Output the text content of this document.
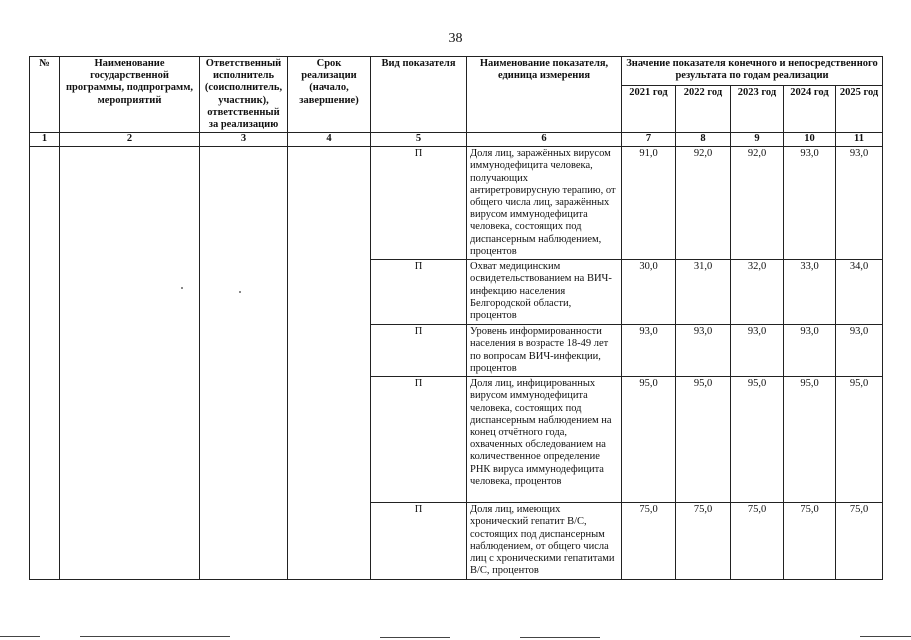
38
№	Наименование государственной программы, подпрограмм, мероприятий	Ответственный исполнитель (соисполнитель, участник), ответственный за реализацию	Срок реализации (начало, завершение)	Вид показателя	Наименование показателя, единица измерения	Значение показателя конечного и непосредственного результата по годам реализации				
						2021 год	2022 год	2023 год	2024 год	2025 год
1	2	3	4	5	6	7	8	9	10	11
				П	Доля лиц, заражённых вирусом иммунодефицита человека, получающих антиретровирусную терапию, от общего числа лиц, заражённых вирусом иммунодефицита человека, состоящих под диспансерным наблюдением, процентов	91,0	92,0	92,0	93,0	93,0
				П	Охват медицинским освидетельствованием на ВИЧ-инфекцию населения Белгородской области, процентов	30,0	31,0	32,0	33,0	34,0
				П	Уровень информированности населения в возрасте 18-49 лет по вопросам ВИЧ-инфекции, процентов	93,0	93,0	93,0	93,0	93,0
				П	Доля лиц, инфицированных вирусом иммунодефицита человека, состоящих под диспансерным наблюдением на конец отчётного года, охваченных обследованием на количественное определение РНК вируса иммунодефицита человека, процентов	95,0	95,0	95,0	95,0	95,0
				П	Доля лиц, имеющих хронический гепатит В/С, состоящих под диспансерным наблюдением, от общего числа лиц с хроническими гепатитами В/С, процентов	75,0	75,0	75,0	75,0	75,0
